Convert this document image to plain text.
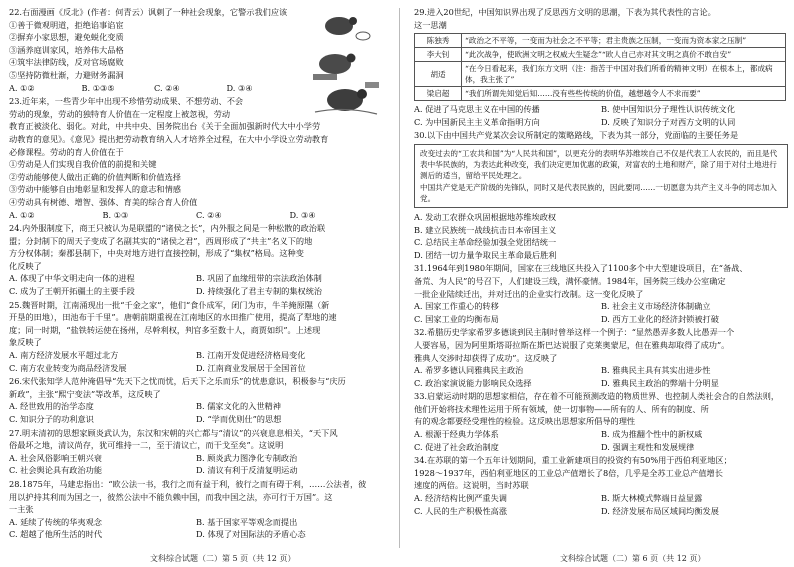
22.右面漫画《反北》(作者：何青云）讽刺了一种社会现象，它警示我们应该
①善于微观明道，拒绝谄事谄宦
②摒弃小家思想，避免蜕化变质
③涵养庭训家风，培养伟大品格
④筑牢法律防线，反对官场腐败
⑤坚持防微杜渐，力避财务漏洞
A. ①②	B. ①③⑤	C. ②④	D. ③④
23.近年来，一些青少年中出现不珍惜劳动成果、不想劳动、不会
劳动的现象，劳动的独特育人价值在一定程度上被忽视，劳动
教育正被淡化、弱化。对此，中共中央、国务院出台《关于全面加强新时代大中小学劳
动教育的意见》。《意见》提出把劳动教育纳入人才培养全过程，在大中小学设立劳动教育
必修课程。劳动的育人价值在于
①劳动是人们实现自我价值的前提和关键
②劳动能够使人做出正确的价值判断和价值选择
③劳动中能够自由地彰显和发挥人的意志和情感
④劳动具有树德、增智、强体、育美的综合育人价值
A. ①②	B. ①③	C. ②④	D. ③④
24.内外服制度下，商王只被认为是联盟的“诸侯之长”，内外服之间是一种松散的政治联
盟；分封制下的周天子变成了名副其实的“诸侯之君”，西周形成了“共主”名义下的地
方分权体制；秦郡县制下，中央对地方进行直接控制，形成了“集权”格局。这种变
化反映了
A. 体现了中华文明走向一体的进程	B. 巩固了血缘纽带的宗法政治体制
C. 成为了王朝开拓疆土的主要手段	D. 持续强化了君主专制的集权统治
25.魏晋时期，江南涌现出一批“千金之家”，他们“食仆成军，闭门为市，牛羊掩原隰（新
开垦的田地），田池布于千里”。唐朝前期重视在江南地区的水田推广使用，提高了犁地的速
度；同一时期，“盐铁转运使在扬州，尽幹利权，判官多至数十人，商贾如织”。上述现
象反映了
A. 南方经济发展水平超过北方	B. 江南开发促进经济格局变化
C. 南方农业转变为商品经济发展	D. 江南商业发展居于全国首位
26.宋代张知学人范仲淹倡导“先天下之忧而忧，后天下之乐而乐”的忧患意识，积极参与“庆历
新政”，主张“熙宁变法”等改革，这反映了
A. 经世致用的治学态度	B. 儒家文化的入世精神
C. 知识分子的功利意识	D. “学而优则仕”的思想
27.明末清初的思想家顾炎武认为，东汉和宋朝的兴亡都与“清议”的兴衰息息相关，“天下风
俗最坏之地，清议尚存，犹可维持一二，至于清议亡，而干戈至矣”。这说明
A. 社会风俗影响王朝兴衰	B. 顾炎武力图净化专制政治
C. 社会舆论具有政治功能	D. 清议有利于反清复明运动
28.1875年，马建忠指出：“欧公法一书，我行之而有益于利，彼行之而有碍于利，……公法者，彼
用以护持其利而为国之一，彼然公法中不能负赖中国，而我中国之法，亦可行于万国”。这
一主张
A. 延续了传统的华夷观念	B. 基于国家平等观念而提出
C. 超越了他所生活的时代	D. 体现了对国际法的矛盾心态
29.进入20世纪，中国知识界出现了反思西方文明的思潮，下表为其代表性的言论。
这一思潮
陈独秀	“政治之不平等，一变而为社会之不平等；君主贵族之压制，一变而为资本家之压制”
李大钊	“此次战争，使欧洲文明之权威大生疑念”“欧人自己亦对其文明之真价不敢自安”
胡适	“在今日看起来，我们东方文明（注：指苦于中国对我们所看的精神文明）在根本上，都成病体，我主张了”
梁启超	“我们所谓先知觉后知……没有些些传统的价值，越想越令人不求而要”
A. 促进了马克思主义在中国的传播	B. 使中国知识分子理性认识传统文化
C. 为中国新民主主义革命指明方向	D. 反映了知识分子对西方文明的认同
30.以下由中国共产党某次会议所制定的策略路线，下表为其一部分，党面临的主要任务是
改变过去的“工农共和国”为“人民共和国”，以更充分的表明华苏维埃自己不仅是代表工人农民的，而且是代表中华民族的，为表达此种改变，我们决定更加优惠的政策，对富农的土地和财产，除了用于对付土地进行测后的适当，留给平民处理之。
中国共产党是无产阶级的先锋队，同时又是代表民族的，因此要同……一切愿意为共产主义斗争的同志加入党。
A. 发动工农群众巩固根据地苏维埃政权
B. 建立民族统一战线抗击日本帝国主义
C. 总结民主革命经验加强全党团结统一
D. 团结一切力量争取民主革命最后胜利
31.1964年到1980年期间，国家在三线地区共投入了1100多个中大型建设项目，在“备战、
备荒、为人民”的号召下，人们建设三线，满怀豪情。1984年，国务院三线办公室确定
一批企业陆续迁出，并对迁出的企业实行改制。这一变化反映了
A. 国家工作重心的转移	B. 社会主义市场经济体制确立
C. 国家工业的均衡布局	D. 西方工业化的经济封锁被打破
32.希腊历史学家希罗多德谈到民主制时曾举这样一个例子：“显然愚弄多数人比愚弄一个
人要容易，因为阿里斯塔哥拉斯在斯巴达说服了克莱奥蒙尼，但在雅典却取得了成功”。
雅典人交涉时却获得了成功”。这反映了
A. 希罗多德认同雅典民主政治	B. 雅典民主具有其实出进步性
C. 政治家演说能力影响民众选择	D. 雅典民主政治的弊端十分明显
33.启蒙运动时期的思想家相信，存在着不可能预测改造的物质世界、也控制人类社会合的自然法则，
他们开始将技术理性运用于所有领域，使一切事物——所有的人、所有的制度、所
有的观念都要经受理性的检验。这反映出思想家所倡导的理性
A. 根源于经典力学体系	B. 成为推翻个性中的新权威
C. 促进了社会政治制度	D. 强调主观性和发展规律
34.在苏联的第一个五年计划期间，重工业新建项目的投资约有50%用于西伯利亚地区；
1928～1937年，西伯利亚地区的工业总产值增长了8倍，几乎是全苏工业总产值增长
速度的两倍。这说明，当时苏联
A. 经济结构比例严重失调	B. 斯大林模式弊端日益显露
C. 人民的生产积极性高涨	D. 经济发展布局区域间均衡发展
文科综合试题（二）第 5 页（共 12 页）	文科综合试题（二）第 6 页（共 12 页）
